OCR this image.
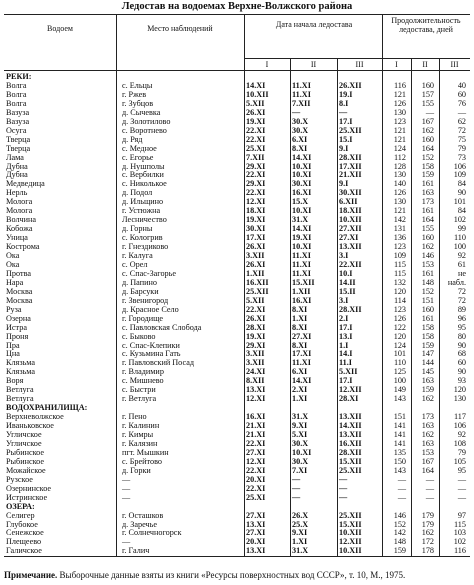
Ледостав на водоемах Верхне-Волжского района
Водоем	Место наблюдений	Дата начала ледостава	Продолжительность ледостава, дней
I	II	III	I	II	III
РЕКИ:
Волга	с. Ельцы	14.XI	11.XI	26.XII	116	160	40
Волга	г. Ржев	10.XII	11.XI	19.I	121	157	60
Волга	г. Зубцов	5.XII	7.XII	8.I	126	155	76
Вазуза	д. Сычевка	26.XI	—	—	130	—	—
Вазуза	д. Золотилово	19.XI	30.X	17.I	123	167	62
Осуга	с. Воротнево	22.XI	30.X	25.XII	121	162	72
Тверца	д. Ряд	22.XI	6.XI	15.I	121	160	75
Тверца	с. Медное	25.XI	8.XI	9.I	124	164	79
Лама	с. Егорье	7.XII	14.XI	28.XII	112	152	73
Дубна	д. Нушполы	29.XI	10.XI	17.XII	128	158	106
Дубна	с. Вербилки	22.XI	10.XI	21.XII	130	159	109
Медведица	с. Николькое	29.XI	30.XI	9.I	140	161	84
Нерль	д. Подол	22.XI	16.XI	30.XII	126	163	90
Молога	д. Ильщино	12.XI	15.X	6.XII	130	173	101
Молога	г. Устюжна	18.XI	10.XI	18.XII	121	161	84
Волчина	Лесничество	19.XI	31.X	10.XII	142	164	102
Кобожа	д. Горны	30.XI	14.XI	27.XII	131	155	99
Уница	с. Кологрив	17.XI	19.XI	27.XI	136	160	110
Кострома	г. Гнездиково	26.XI	10.XI	13.XII	123	162	100
Ока	г. Калуга	3.XII	11.XI	3.I	109	146	92
Ока	с. Орел	26.XI	11.XI	22.XII	115	153	61
Протва	с. Спас-Загорье	1.XII	11.XI	10.I	115	161	не
Нара	д. Папино	16.XII	15.XII	14.II	132	148	набл.
Москва	д. Барсуки	25.XII	1.XII	15.II	120	152	72
Москва	г. Звенигород	5.XII	16.XI	3.I	114	151	72
Руза	д. Красное Село	22.XI	8.XI	28.XII	123	160	89
Озерна	г. Городище	26.XI	1.XI	2.I	126	161	96
Истра	с. Павловская Слобода	28.XI	8.XI	17.I	122	158	95
Проня	с. Быково	19.XI	27.XI	13.I	120	158	80
Пра	с. Спас-Клепики	29.XI	8.XI	1.I	124	159	90
Цна	с. Кузьмина Гать	3.XII	17.XI	14.I	101	147	68
Клязьма	г. Павловский Посад	3.XII	11.XI	11.I	110	144	60
Клязьма	г. Владимир	24.XI	6.XI	5.XII	125	145	90
Воря	с. Мишнево	8.XII	14.XI	17.I	100	163	93
Ветлуга	с. Быстри	13.XI	2.XI	12.XII	149	159	120
Ветлуга	г. Ветлуга	12.XI	1.XI	28.XI	143	162	130
ВОДОХРАНИЛИЩА:
Верхневолжское	г. Пено	16.XI	31.X	13.XII	151	173	117
Иваньковское	г. Калинин	21.XI	9.XI	14.XII	141	163	106
Угличское	г. Кимры	21.XI	5.XI	13.XII	141	162	92
Угличское	г. Калязин	22.XI	30.X	16.XII	141	163	108
Рыбинское	пгт. Мышкин	27.XI	10.XI	28.XII	135	153	79
Рыбинское	с. Брейтово	12.XI	30.X	15.XII	150	167	105
Можайское	д. Горки	22.XI	7.XI	25.XII	143	164	95
Рузское	—	20.XI	—	—	—	—	—
Озернинское	—	22.XI	—	—	—	—	—
Истринское	—	25.XI	—	—	—	—	—
ОЗЕРА:
Селигер	г. Осташков	27.XI	26.X	25.XII	146	179	97
Глубокое	д. Заречье	13.XI	25.X	15.XII	152	179	115
Сенежское	г. Солнечногорск	27.XI	9.XI	10.XII	142	162	103
Плещеево	—	20.XI	1.XI	12.XII	148	172	102
Галичское	г. Галич	13.XI	31.X	10.XII	159	178	116
Примечание. Выборочные данные взяты из книги «Ресурсы поверхностных вод СССР», т. 10, М., 1975.
